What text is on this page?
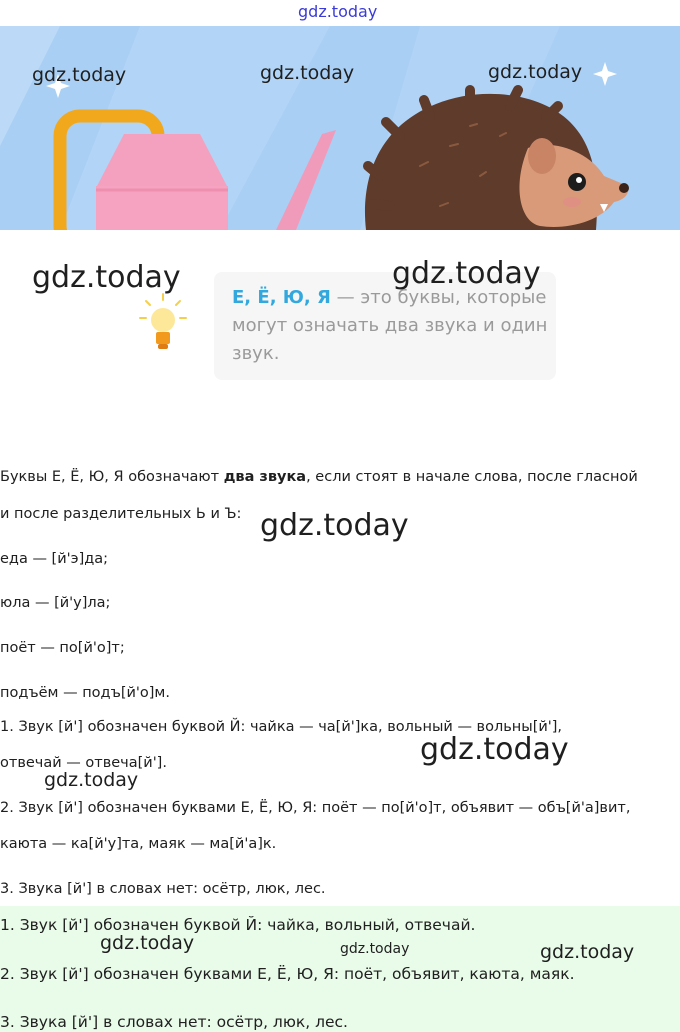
gdz.today
gdz.today	gdz.today	gdz.today
Е, Ё, Ю, Я — это буквы, которые могут означать два звука и один звук.
gdz.today	gdz.today
Буквы Е, Ё, Ю, Я обозначают два звука, если стоят в начале слова, после гласной
и после разделительных Ь и Ъ: gdz.today
еда — [й'э]да;
юла — [й'у]ла;
поёт — по[й'о]т;
подъём — подъ[й'о]м.
1. Звук [й'] обозначен буквой Й: чайка — ча[й']ка, вольный — вольны[й'],
отвечай — отвеча[й'].	gdz.today
gdz.today
2. Звук [й'] обозначен буквами Е, Ё, Ю, Я: поёт — по[й'о]т, объявит — объ[й'а]вит,
каюта — ка[й'у]та, маяк — ма[й'а]к.
3. Звука [й'] в словах нет: осётр, люк, лес.
1. Звук [й'] обозначен буквой Й: чайка, вольный, отвечай.
gdz.today	gdz.today	gdz.today
2. Звук [й'] обозначен буквами Е, Ё, Ю, Я: поёт, объявит, каюта, маяк.
3. Звука [й'] в словах нет: осётр, люк, лес.
